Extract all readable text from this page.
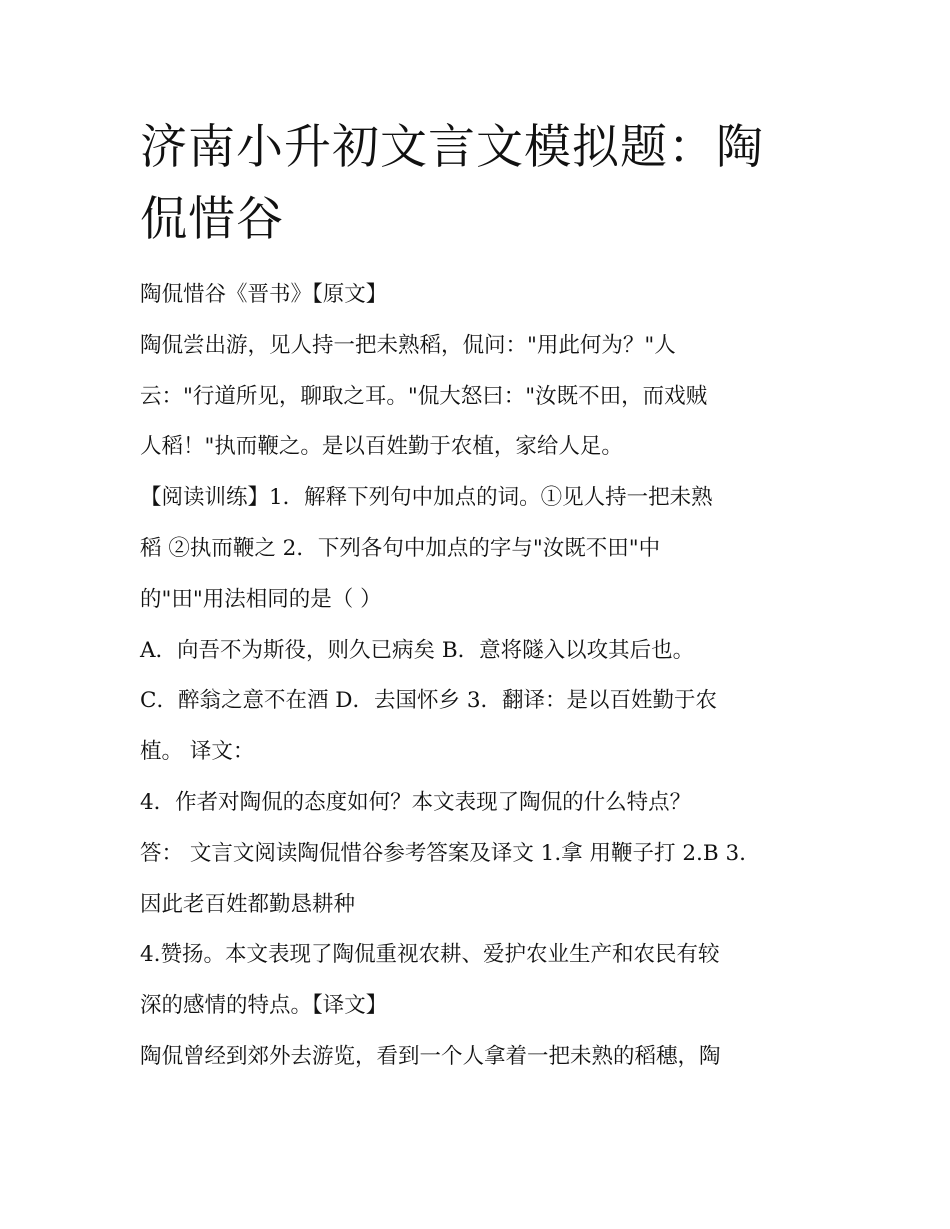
济南小升初文言文模拟题：陶
侃惜谷
陶侃惜谷《晋书》【原文】
陶侃尝出游，见人持一把未熟稻，侃问："用此何为？"人
云："行道所见，聊取之耳。"侃大怒曰："汝既不田，而戏贼
人稻！"执而鞭之。是以百姓勤于农植，家给人足。
【阅读训练】1．解释下列句中加点的词。①见人持一把未熟
稻 ②执而鞭之 2．下列各句中加点的字与"汝既不田"中
的"田"用法相同的是（ ）
A．向吾不为斯役，则久已病矣 B．意将隧入以攻其后也。
C．醉翁之意不在酒 D．去国怀乡 3．翻译：是以百姓勤于农
植。 译文：
4．作者对陶侃的态度如何？本文表现了陶侃的什么特点？
答： 文言文阅读陶侃惜谷参考答案及译文 1.拿 用鞭子打 2.B 3.
因此老百姓都勤恳耕种
4.赞扬。本文表现了陶侃重视农耕、爱护农业生产和农民有较
深的感情的特点。【译文】
陶侃曾经到郊外去游览，看到一个人拿着一把未熟的稻穗，陶
